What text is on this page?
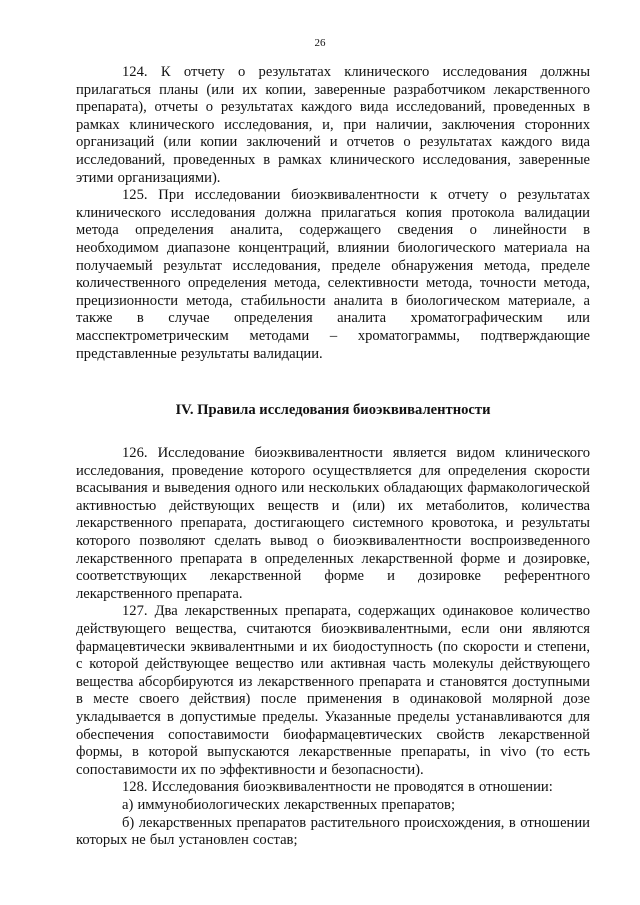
26

124. К отчету о результатах клинического исследования должны прилагаться планы (или их копии, заверенные разработчиком лекарственного препарата), отчеты о результатах каждого вида исследований, проведенных в рамках клинического исследования, и, при наличии, заключения сторонних организаций (или копии заключений и отчетов о результатах каждого вида исследований, проведенных в рамках клинического исследования, заверенные этими организациями).

125. При исследовании биоэквивалентности к отчету о результатах клинического исследования должна прилагаться копия протокола валидации метода определения аналита, содержащего сведения о линейности в необходимом диапазоне концентраций, влиянии биологического материала на получаемый результат исследования, пределе обнаружения метода, пределе количественного определения метода, селективности метода, точности метода, прецизионности метода, стабильности аналита в биологическом материале, а также в случае определения аналита хроматографическим или масспектрометрическим методами – хроматограммы, подтверждающие представленные результаты валидации.

IV. Правила исследования биоэквивалентности

126. Исследование биоэквивалентности является видом клинического исследования, проведение которого осуществляется для определения скорости всасывания и выведения одного или нескольких обладающих фармакологической активностью действующих веществ и (или) их метаболитов, количества лекарственного препарата, достигающего системного кровотока, и результаты которого позволяют сделать вывод о биоэквивалентности воспроизведенного лекарственного препарата в определенных лекарственной форме и дозировке, соответствующих лекарственной форме и дозировке референтного лекарственного препарата.

127. Два лекарственных препарата, содержащих одинаковое количество действующего вещества, считаются биоэквивалентными, если они являются фармацевтически эквивалентными и их биодоступность (по скорости и степени, с которой действующее вещество или активная часть молекулы действующего вещества абсорбируются из лекарственного препарата и становятся доступными в месте своего действия) после применения в одинаковой молярной дозе укладывается в допустимые пределы. Указанные пределы устанавливаются для обеспечения сопоставимости биофармацевтических свойств лекарственной формы, в которой выпускаются лекарственные препараты, in vivo (то есть сопоставимости их по эффективности и безопасности).

128. Исследования биоэквивалентности не проводятся в отношении:

а) иммунобиологических лекарственных препаратов;

б) лекарственных препаратов растительного происхождения, в отношении которых не был установлен состав;
